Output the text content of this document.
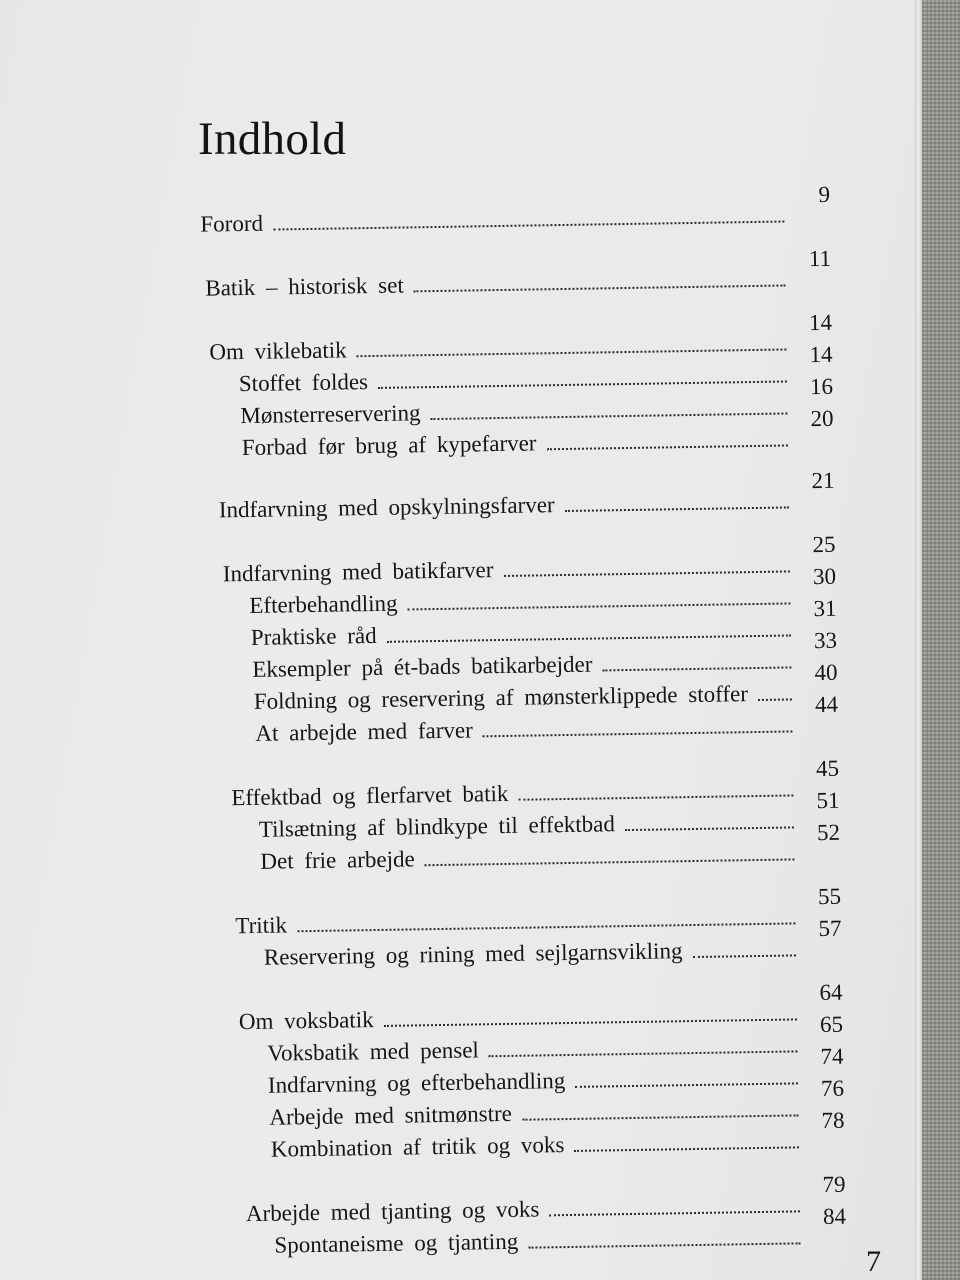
Indhold
Forord
9
Batik – historisk set
11
Om viklebatik
14
Stoffet foldes
14
Mønsterreservering
16
Forbad før brug af kypefarver
20
Indfarvning med opskylningsfarver
21
Indfarvning med batikfarver
25
Efterbehandling
30
Praktiske råd
31
Eksempler på ét-bads batikarbejder
33
Foldning og reservering af mønsterklippede stoffer
40
At arbejde med farver
44
Effektbad og flerfarvet batik
45
Tilsætning af blindkype til effektbad
51
Det frie arbejde
52
Tritik
55
Reservering og rining med sejlgarnsvikling
57
Om voksbatik
64
Voksbatik med pensel
65
Indfarvning og efterbehandling
74
Arbejde med snitmønstre
76
Kombination af tritik og voks
78
Arbejde med tjanting og voks
79
Spontaneisme og tjanting
84
7
